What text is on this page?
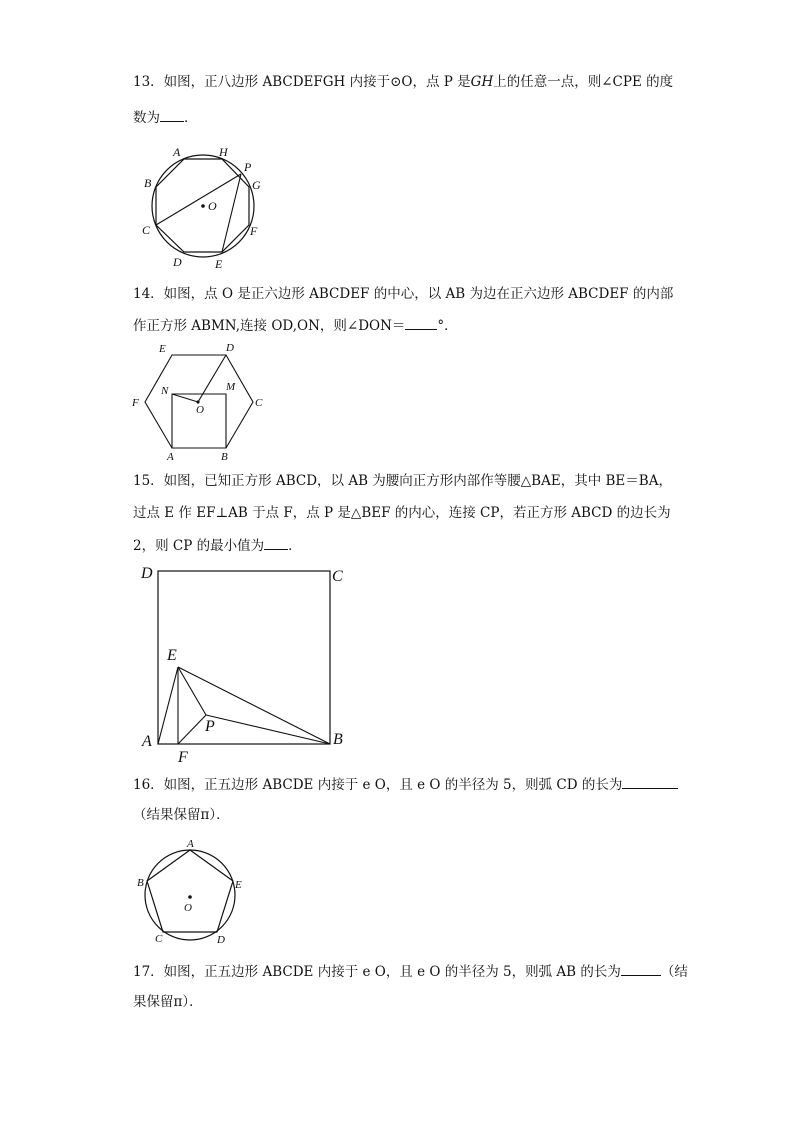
13．如图，正八边形 ABCDEFGH 内接于⊙O，点 P 是GH上的任意一点，则∠CPE 的度
数为 ．
A	H
P
B	G
O
C	F
D	E
14．如图，点 O 是正六边形 ABCDEF 的中心，以 AB 为边在正六边形 ABCDEF 的内部
作正方形 ABMN,连接 OD,ON，则∠DON＝ °．
E	D
N	M
F
O
C
A	B
15．如图，已知正方形 ABCD，以 AB 为腰向正方形内部作等腰△BAE，其中 BE＝BA，
过点 E 作 EF⊥AB 于点 F，点 P 是△BEF 的内心，连接 CP，若正方形 ABCD 的边长为
2，则 CP 的最小值为 ．
D	C
E
P
A	B
F
16．如图，正五边形 ABCDE 内接于 e O，且 e O 的半径为 5，则弧 CD 的长为
（结果保留π）．
A
B	E
O
C	D
17．如图，正五边形 ABCDE 内接于 e O，且 e O 的半径为 5，则弧 AB 的长为	（结
果保留π）．
